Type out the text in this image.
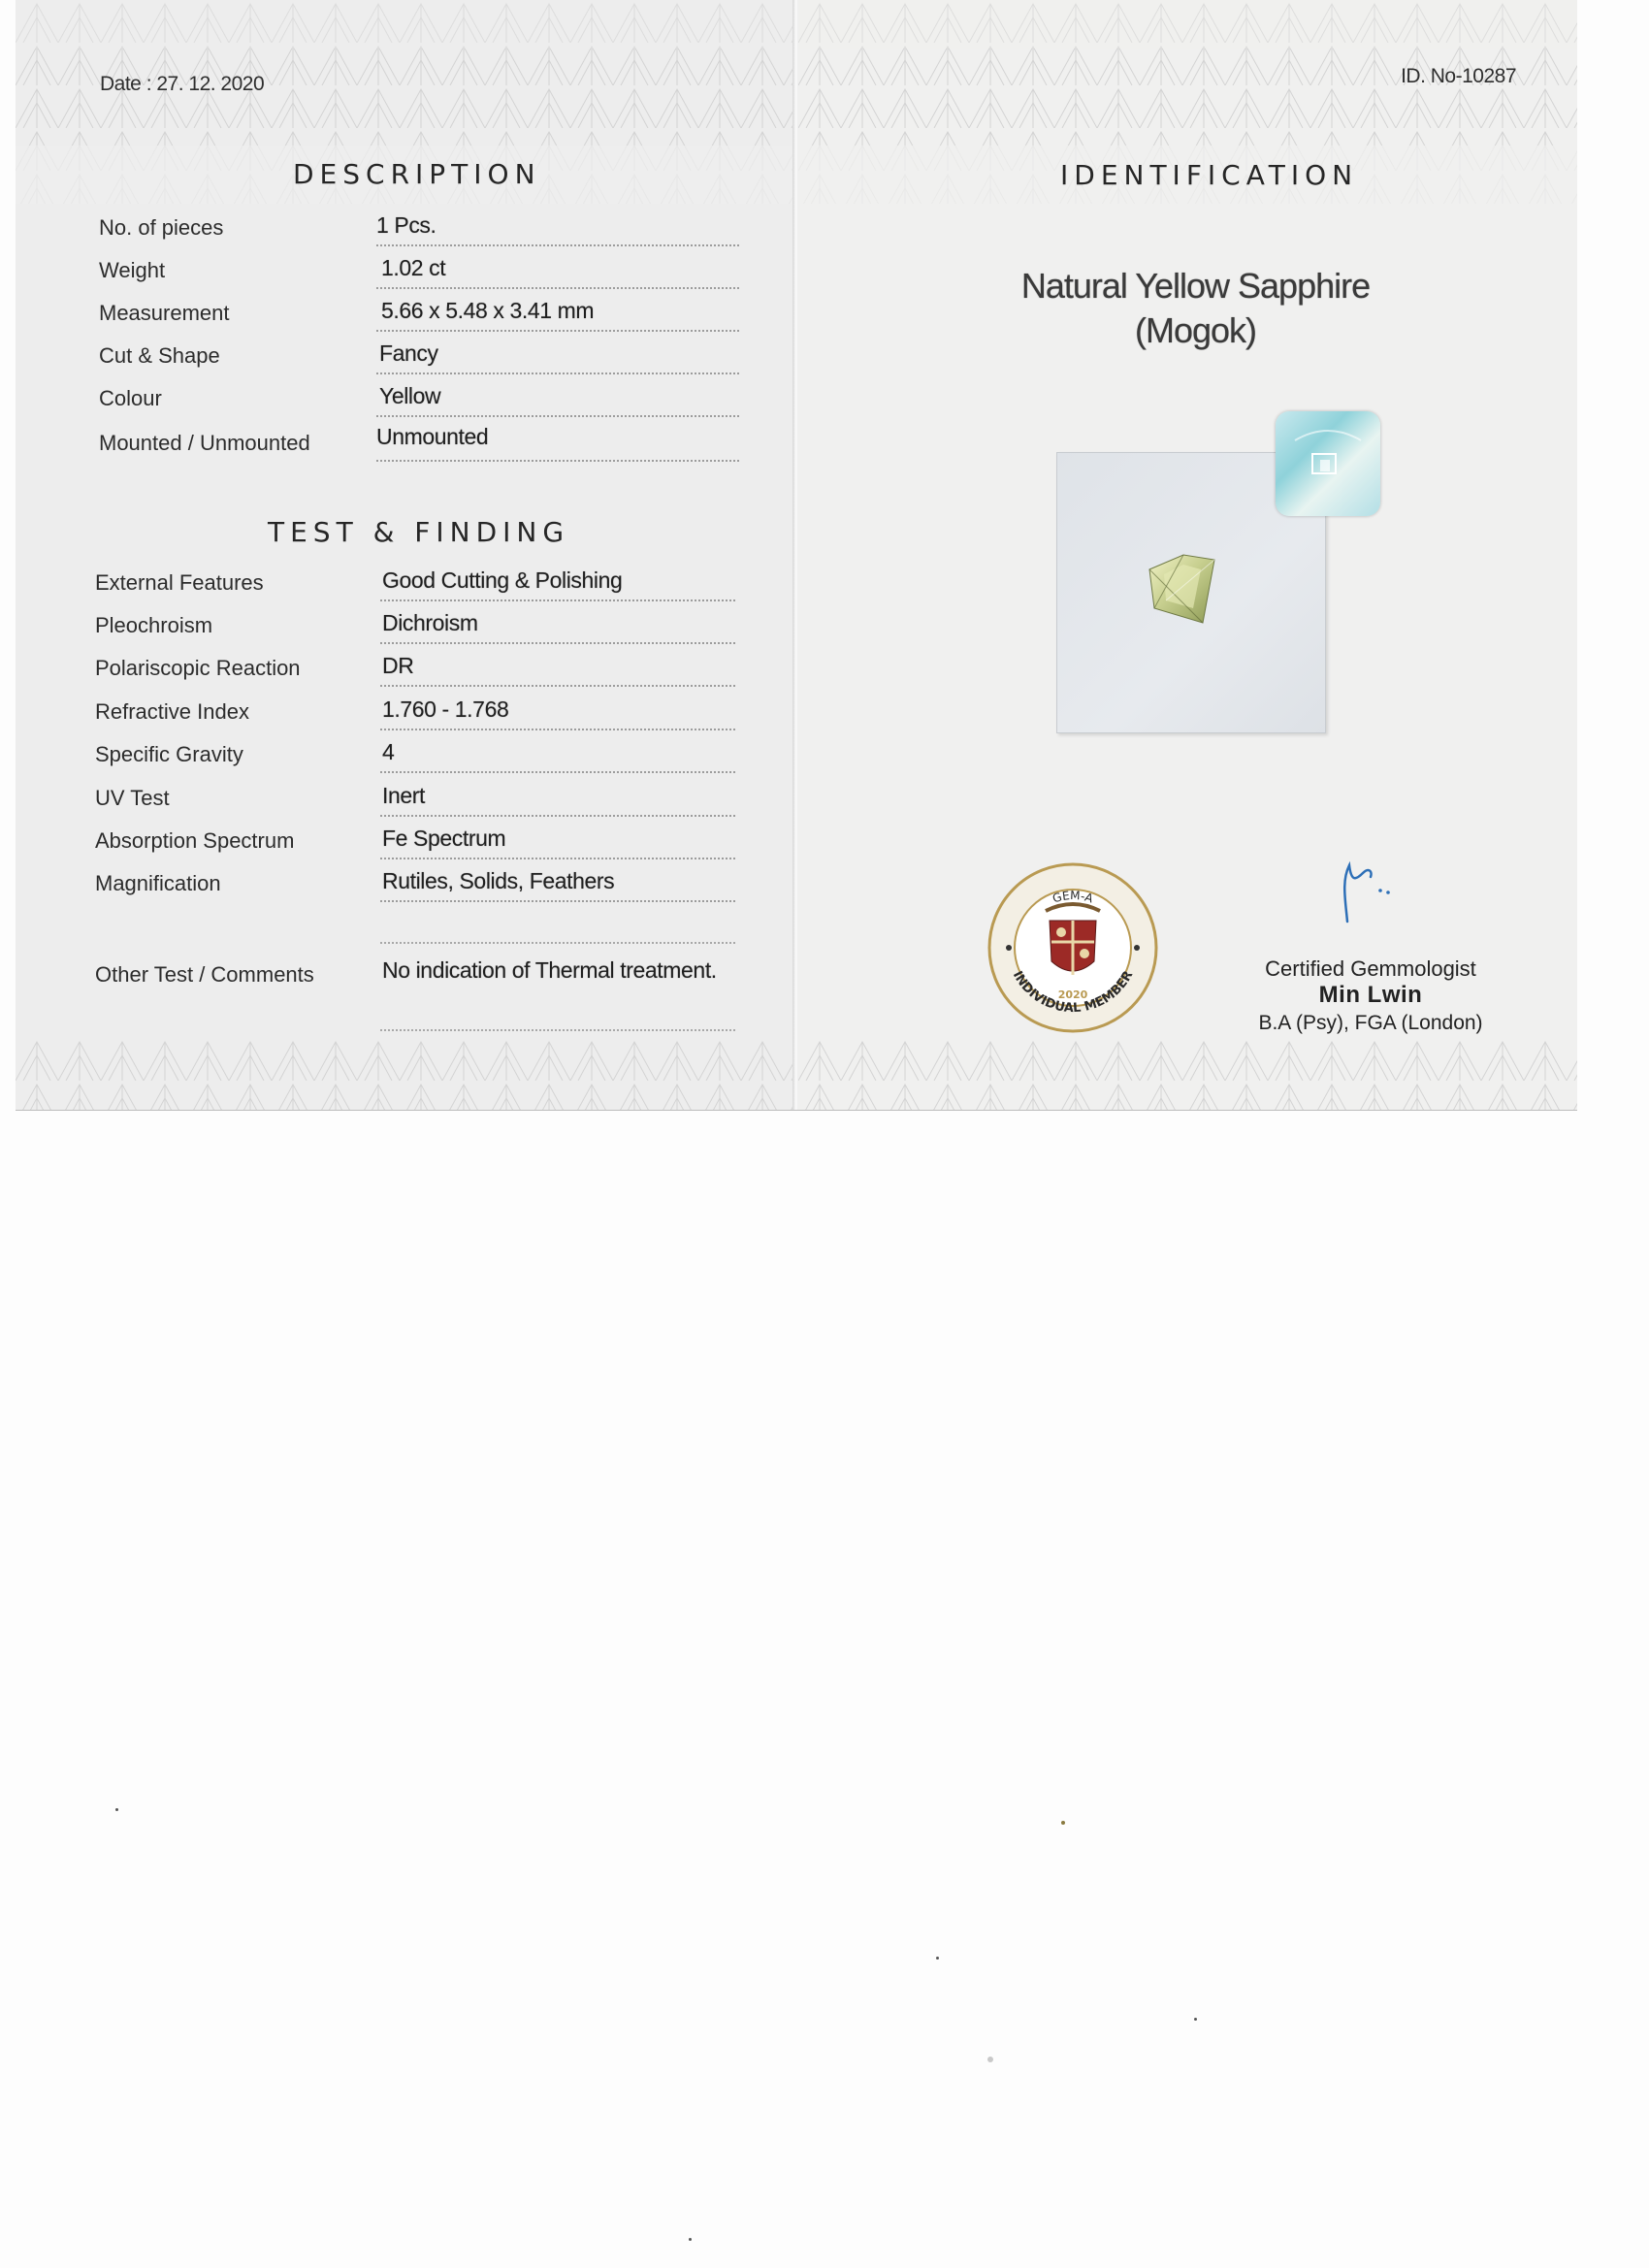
Date : 27. 12. 2020
DESCRIPTION
No. of pieces	1 Pcs.
Weight	1.02 ct
Measurement	5.66 x 5.48 x 3.41 mm
Cut & Shape	Fancy
Colour	Yellow
Mounted / Unmounted	Unmounted
TEST & FINDING
External Features	Good Cutting & Polishing
Pleochroism	Dichroism
Polariscopic Reaction	DR
Refractive Index	1.760 - 1.768
Specific Gravity	4
UV Test	Inert
Absorption Spectrum	Fe Spectrum
Magnification	Rutiles, Solids, Feathers
Other Test / Comments	No indication of Thermal treatment.
ID. No-10287
IDENTIFICATION
Natural Yellow Sapphire
(Mogok)
GEM-A
INDIVIDUAL MEMBER
2020
Certified Gemmologist
Min Lwin
B.A (Psy), FGA (London)
